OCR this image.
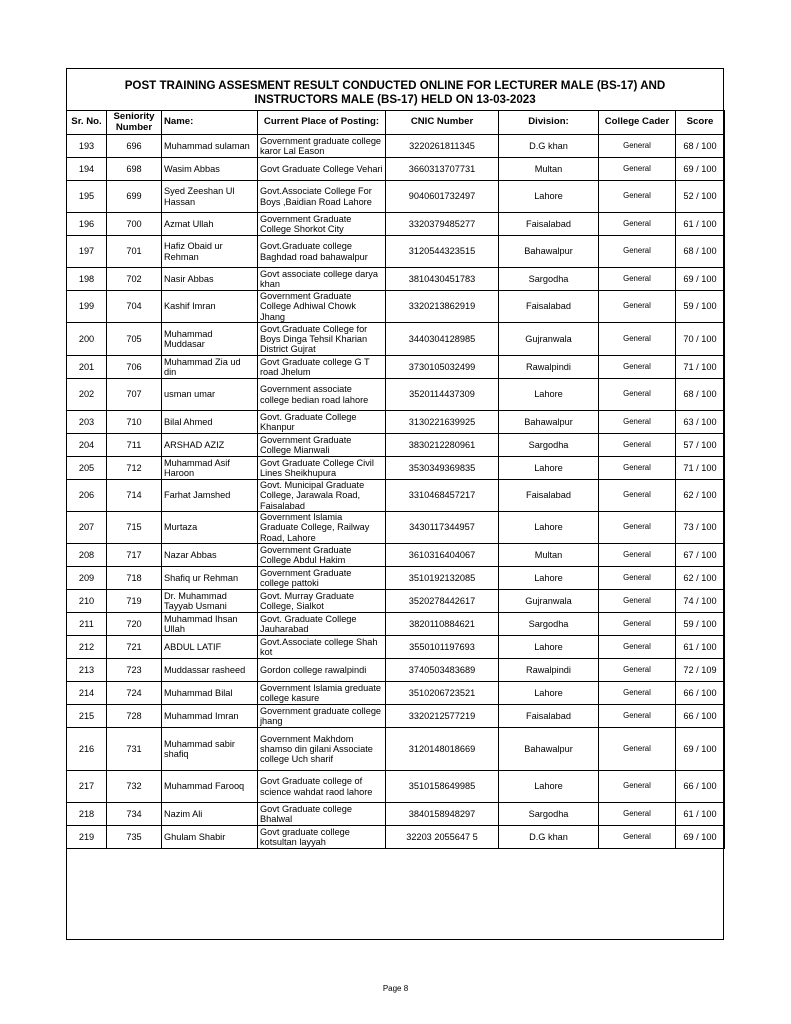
POST TRAINING ASSESMENT RESULT CONDUCTED ONLINE FOR LECTURER MALE (BS-17) AND
INSTRUCTORS MALE (BS-17) HELD ON 13-03-2023
Sr. No.	Seniority Number	Name:	Current Place of Posting:	CNIC Number	Division:	College Cader	Score
193	696	Muhammad sulaman	Government graduate college karor Lal Eason	3220261811345	D.G khan	General	68 / 100
194	698	Wasim Abbas	Govt Graduate College Vehari	3660313707731	Multan	General	69 / 100
195	699	Syed Zeeshan Ul Hassan	Govt.Associate College For Boys ,Baidian Road Lahore	9040601732497	Lahore	General	52 / 100
196	700	Azmat Ullah	Government Graduate College Shorkot City	3320379485277	Faisalabad	General	61 / 100
197	701	Hafiz Obaid ur Rehman	Govt.Graduate college Baghdad road bahawalpur	3120544323515	Bahawalpur	General	68 / 100
198	702	Nasir Abbas	Govt associate college darya khan	3810430451783	Sargodha	General	69 / 100
199	704	Kashif Imran	Government Graduate College Adhiwal Chowk Jhang	3320213862919	Faisalabad	General	59 / 100
200	705	Muhammad Muddasar	Govt.Graduate College for Boys Dinga Tehsil Kharian District Gujrat	3440304128985	Gujranwala	General	70 / 100
201	706	Muhammad Zia ud din	Govt Graduate college G T road Jhelum	3730105032499	Rawalpindi	General	71 / 100
202	707	usman umar	Government associate college bedian road lahore	3520114437309	Lahore	General	68 / 100
203	710	Bilal Ahmed	Govt. Graduate College Khanpur	3130221639925	Bahawalpur	General	63 / 100
204	711	ARSHAD AZIZ	Government Graduate College Mianwali	3830212280961	Sargodha	General	57 / 100
205	712	Muhammad Asif Haroon	Govt Graduate College Civil Lines Sheikhupura	3530349369835	Lahore	General	71 / 100
206	714	Farhat Jamshed	Govt. Municipal Graduate College, Jarawala Road, Faisalabad	3310468457217	Faisalabad	General	62 / 100
207	715	Murtaza	Government Islamia Graduate College, Railway Road, Lahore	3430117344957	Lahore	General	73 / 100
208	717	Nazar Abbas	Government Graduate College Abdul Hakim	3610316404067	Multan	General	67 / 100
209	718	Shafiq ur Rehman	Government Graduate college pattoki	3510192132085	Lahore	General	62 / 100
210	719	Dr. Muhammad Tayyab Usmani	Govt. Murray Graduate College, Sialkot	3520278442617	Gujranwala	General	74 / 100
211	720	Muhammad Ihsan Ullah	Govt. Graduate College Jauharabad	3820110884621	Sargodha	General	59 / 100
212	721	ABDUL LATIF	Govt.Associate college Shah kot	3550101197693	Lahore	General	61 / 100
213	723	Muddassar rasheed	Gordon college rawalpindi	3740503483689	Rawalpindi	General	72 / 109
214	724	Muhammad Bilal	Government Islamia greduate college kasure	3510206723521	Lahore	General	66 / 100
215	728	Muhammad Imran	Government graduate college jhang	3320212577219	Faisalabad	General	66 / 100
216	731	Muhammad sabir shafiq	Government Makhdom shamso din gilani Associate college Uch sharif	3120148018669	Bahawalpur	General	69 / 100
217	732	Muhammad Farooq	Govt Graduate college of science wahdat raod lahore	3510158649985	Lahore	General	66 / 100
218	734	Nazim Ali	Govt Graduate college Bhalwal	3840158948297	Sargodha	General	61 / 100
219	735	Ghulam Shabir	Govt graduate college kotsultan layyah	32203 2055647 5	D.G khan	General	69 / 100
Page 8
